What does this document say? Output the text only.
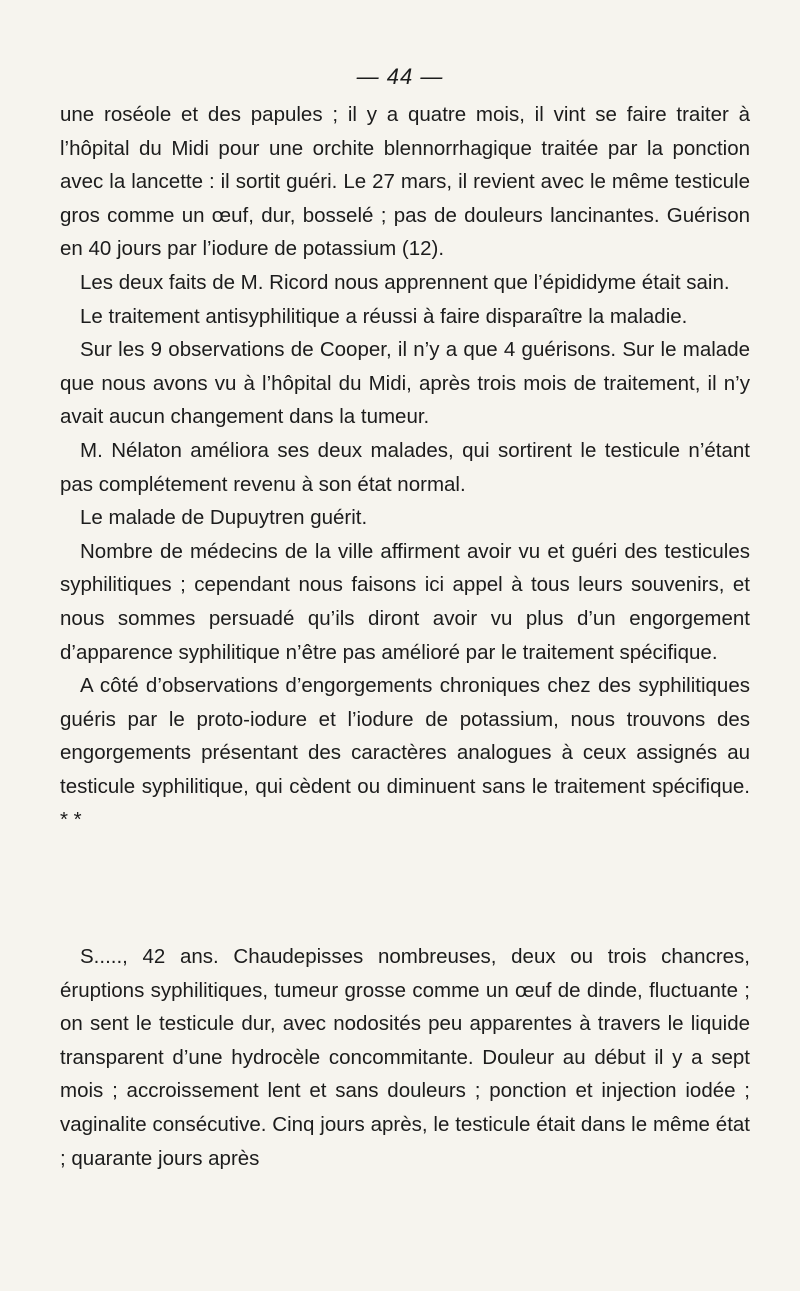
— 44 —

une roséole et des papules ; il y a quatre mois, il vint se faire traiter à l’hôpital du Midi pour une orchite blennorrhagique traitée par la ponction avec la lancette : il sortit guéri. Le 27 mars, il revient avec le même testicule gros comme un œuf, dur, bosselé ; pas de douleurs lancinantes. Guérison en 40 jours par l’iodure de potassium (12).

Les deux faits de M. Ricord nous apprennent que l’épididyme était sain.

Le traitement antisyphilitique a réussi à faire disparaître la maladie.

Sur les 9 observations de Cooper, il n’y a que 4 guérisons. Sur le malade que nous avons vu à l’hôpital du Midi, après trois mois de traitement, il n’y avait aucun changement dans la tumeur.

M. Nélaton améliora ses deux malades, qui sortirent le testicule n’étant pas complétement revenu à son état normal.

Le malade de Dupuytren guérit.

Nombre de médecins de la ville affirment avoir vu et guéri des testicules syphilitiques ; cependant nous faisons ici appel à tous leurs souvenirs, et nous sommes persuadé qu’ils diront avoir vu plus d’un engorgement d’apparence syphilitique n’être pas amélioré par le traitement spécifique.

A côté d’observations d’engorgements chroniques chez des syphilitiques guéris par le proto-iodure et l’iodure de potassium, nous trouvons des engorgements présentant des caractères analogues à ceux assignés au testicule syphilitique, qui cèdent ou diminuent sans le traitement spécifique. * *

S....., 42 ans. Chaudepisses nombreuses, deux ou trois chancres, éruptions syphilitiques, tumeur grosse comme un œuf de dinde, fluctuante ; on sent le testicule dur, avec nodosités peu apparentes à travers le liquide transparent d’une hydrocèle concommitante. Douleur au début il y a sept mois ; accroissement lent et sans douleurs ; ponction et injection iodée ; vaginalite consécutive. Cinq jours après, le testicule était dans le même état ; quarante jours après
